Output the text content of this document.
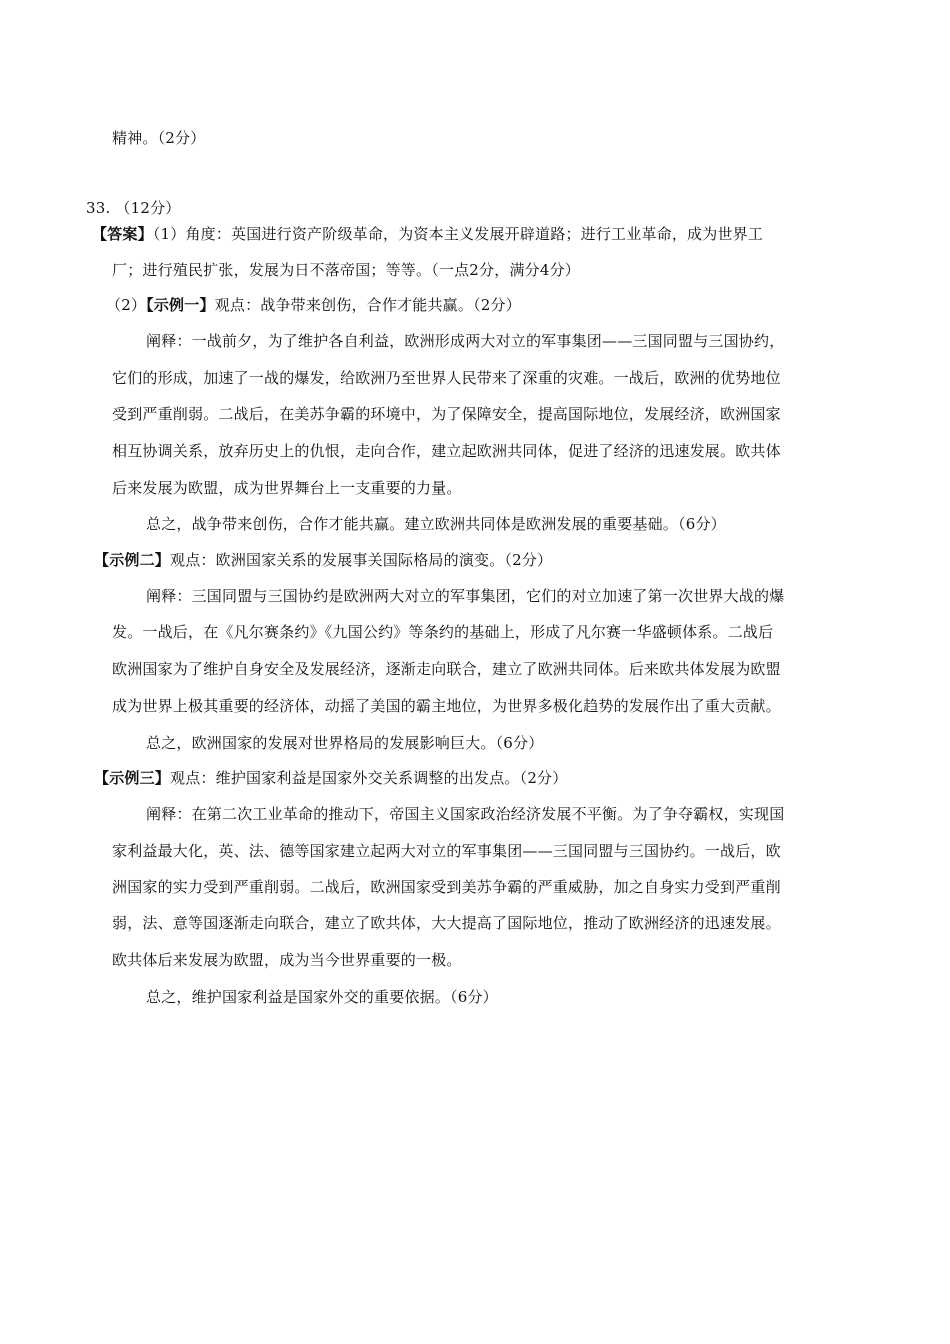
精神。（2分）
33. （12分）
【答案】（1）角度：英国进行资产阶级革命，为资本主义发展开辟道路；进行工业革命，成为世界工
厂；进行殖民扩张，发展为日不落帝国；等等。（一点2分，满分4分）
（2）【示例一】观点：战争带来创伤，合作才能共赢。（2分）
阐释：一战前夕，为了维护各自利益，欧洲形成两大对立的军事集团——三国同盟与三国协约，
它们的形成，加速了一战的爆发，给欧洲乃至世界人民带来了深重的灾难。一战后，欧洲的优势地位
受到严重削弱。二战后，在美苏争霸的环境中，为了保障安全，提高国际地位，发展经济，欧洲国家
相互协调关系，放弃历史上的仇恨，走向合作，建立起欧洲共同体，促进了经济的迅速发展。欧共体
后来发展为欧盟，成为世界舞台上一支重要的力量。
总之，战争带来创伤，合作才能共赢。建立欧洲共同体是欧洲发展的重要基础。（6分）
【示例二】观点：欧洲国家关系的发展事关国际格局的演变。（2分）
阐释：三国同盟与三国协约是欧洲两大对立的军事集团，它们的对立加速了第一次世界大战的爆
发。一战后，在《凡尔赛条约》《九国公约》等条约的基础上，形成了凡尔赛一华盛顿体系。二战后
欧洲国家为了维护自身安全及发展经济，逐渐走向联合，建立了欧洲共同体。后来欧共体发展为欧盟
成为世界上极其重要的经济体，动摇了美国的霸主地位，为世界多极化趋势的发展作出了重大贡献。
总之，欧洲国家的发展对世界格局的发展影响巨大。（6分）
【示例三】观点：维护国家利益是国家外交关系调整的出发点。（2分）
阐释：在第二次工业革命的推动下，帝国主义国家政治经济发展不平衡。为了争夺霸权，实现国
家利益最大化，英、法、德等国家建立起两大对立的军事集团——三国同盟与三国协约。一战后，欧
洲国家的实力受到严重削弱。二战后，欧洲国家受到美苏争霸的严重威胁，加之自身实力受到严重削
弱，法、意等国逐渐走向联合，建立了欧共体，大大提高了国际地位，推动了欧洲经济的迅速发展。
欧共体后来发展为欧盟，成为当今世界重要的一极。
总之，维护国家利益是国家外交的重要依据。（6分）
